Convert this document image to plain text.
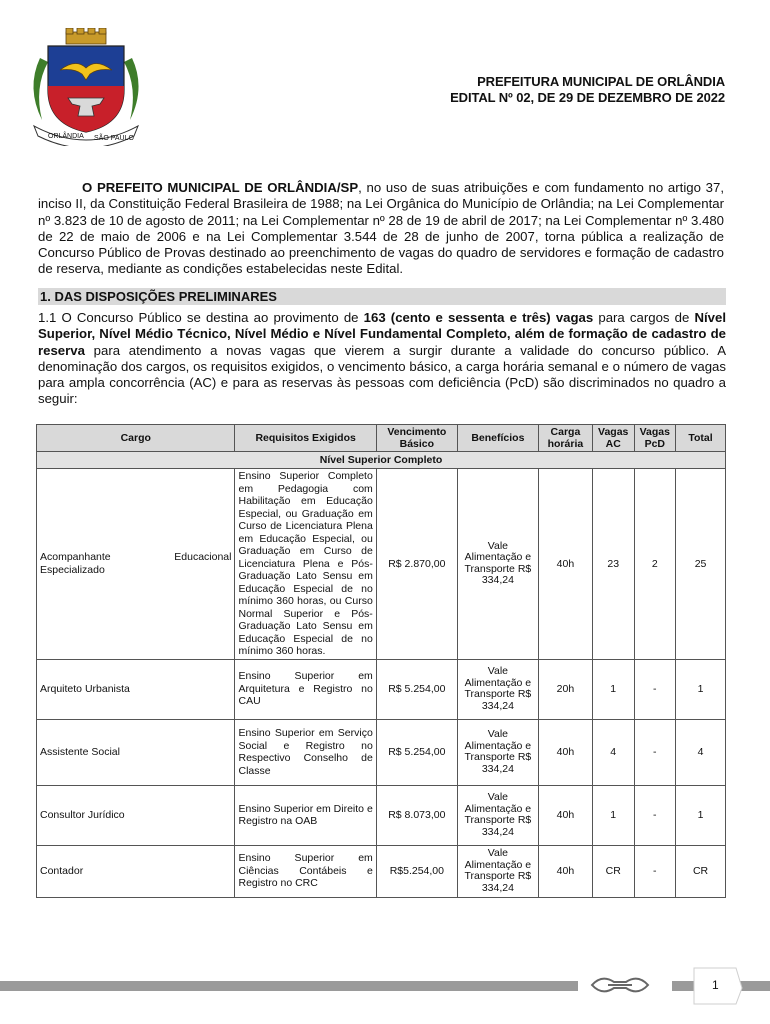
ORLÂNDIA SÃO PAULO
PREFEITURA MUNICIPAL DE ORLÂNDIA
EDITAL Nº 02, DE 29 DE DEZEMBRO DE 2022
O PREFEITO MUNICIPAL DE ORLÂNDIA/SP, no uso de suas atribuições e com fundamento no artigo 37, inciso II, da Constituição Federal Brasileira de 1988; na Lei Orgânica do Município de Orlândia; na Lei Complementar nº 3.823 de 10 de agosto de 2011; na Lei Complementar nº 28 de 19 de abril de 2017; na Lei Complementar nº 3.480 de 22 de maio de 2006 e na Lei Complementar 3.544 de 28 de junho de 2007, torna pública a realização de Concurso Público de Provas destinado ao preenchimento de vagas do quadro de servidores e formação de cadastro de reserva, mediante as condições estabelecidas neste Edital.
1. DAS DISPOSIÇÕES PRELIMINARES
1.1 O Concurso Público se destina ao provimento de 163 (cento e sessenta e três) vagas para cargos de Nível Superior, Nível Médio Técnico, Nível Médio e Nível Fundamental Completo, além de formação de cadastro de reserva para atendimento a novas vagas que vierem a surgir durante a validade do concurso público. A denominação dos cargos, os requisitos exigidos, o vencimento básico, a carga horária semanal e o número de vagas para ampla concorrência (AC) e para as reservas às pessoas com deficiência (PcD) são discriminados no quadro a seguir:
Cargo	Requisitos Exigidos	Vencimento Básico	Benefícios	Carga horária	Vagas AC	Vagas PcD	Total
Nível Superior Completo							
Acompanhante Educacional Especializado	Ensino Superior Completo em Pedagogia com Habilitação em Educação Especial, ou Graduação em Curso de Licenciatura Plena em Educação Especial, ou Graduação em Curso de Licenciatura Plena e Pós-Graduação Lato Sensu em Educação Especial de no mínimo 360 horas, ou Curso Normal Superior e Pós-Graduação Lato Sensu em Educação Especial de no mínimo 360 horas.	R$ 2.870,00	Vale Alimentação e Transporte R$ 334,24	40h	23	2	25
Arquiteto Urbanista	Ensino Superior em Arquitetura e Registro no CAU	R$ 5.254,00	Vale Alimentação e Transporte R$ 334,24	20h	1	-	1
Assistente Social	Ensino Superior em Serviço Social e Registro no Respectivo Conselho de Classe	R$ 5.254,00	Vale Alimentação e Transporte R$ 334,24	40h	4	-	4
Consultor Jurídico	Ensino Superior em Direito e Registro na OAB	R$ 8.073,00	Vale Alimentação e Transporte R$ 334,24	40h	1	-	1
Contador	Ensino Superior em Ciências Contábeis e Registro no CRC	R$5.254,00	Vale Alimentação e Transporte R$ 334,24	40h	CR	-	CR
1
